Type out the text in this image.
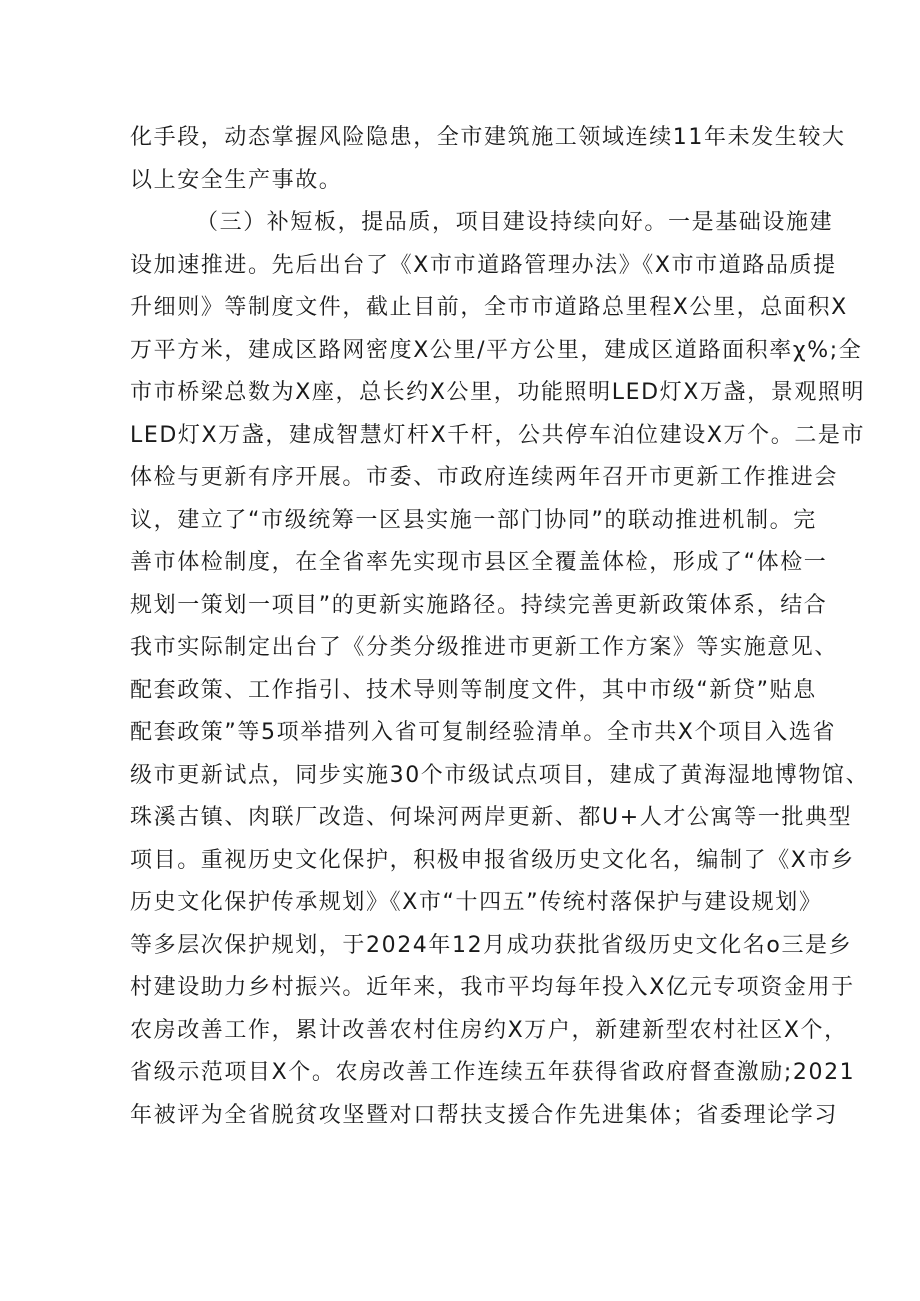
化手段，动态掌握风险隐患，全市建筑施工领域连续11年未发生较大
以上安全生产事故。
（三）补短板，提品质，项目建设持续向好。一是基础设施建
设加速推进。先后出台了《X市市道路管理办法》《X市市道路品质提
升细则》等制度文件，截止目前，全市市道路总里程X公里，总面积X
万平方米，建成区路网密度X公里/平方公里，建成区道路面积率χ%;全
市市桥梁总数为X座，总长约X公里，功能照明LED灯X万盏，景观照明
LED灯X万盏，建成智慧灯杆X千杆，公共停车泊位建设X万个。二是市
体检与更新有序开展。市委、市政府连续两年召开市更新工作推进会
议，建立了“市级统筹一区县实施一部门协同”的联动推进机制。完
善市体检制度，在全省率先实现市县区全覆盖体检，形成了“体检一
规划一策划一项目”的更新实施路径。持续完善更新政策体系，结合
我市实际制定出台了《分类分级推进市更新工作方案》等实施意见、
配套政策、工作指引、技术导则等制度文件，其中市级“新贷”贴息
配套政策”等5项举措列入省可复制经验清单。全市共X个项目入选省
级市更新试点，同步实施30个市级试点项目，建成了黄海湿地博物馆、
珠溪古镇、肉联厂改造、何垛河两岸更新、都U+人才公寓等一批典型
项目。重视历史文化保护，积极申报省级历史文化名，编制了《X市乡
历史文化保护传承规划》《X市“十四五”传统村落保护与建设规划》
等多层次保护规划，于2024年12月成功获批省级历史文化名o三是乡
村建设助力乡村振兴。近年来，我市平均每年投入X亿元专项资金用于
农房改善工作，累计改善农村住房约X万户，新建新型农村社区X个，
省级示范项目X个。农房改善工作连续五年获得省政府督查激励;2021
年被评为全省脱贫攻坚暨对口帮扶支援合作先进集体；省委理论学习
